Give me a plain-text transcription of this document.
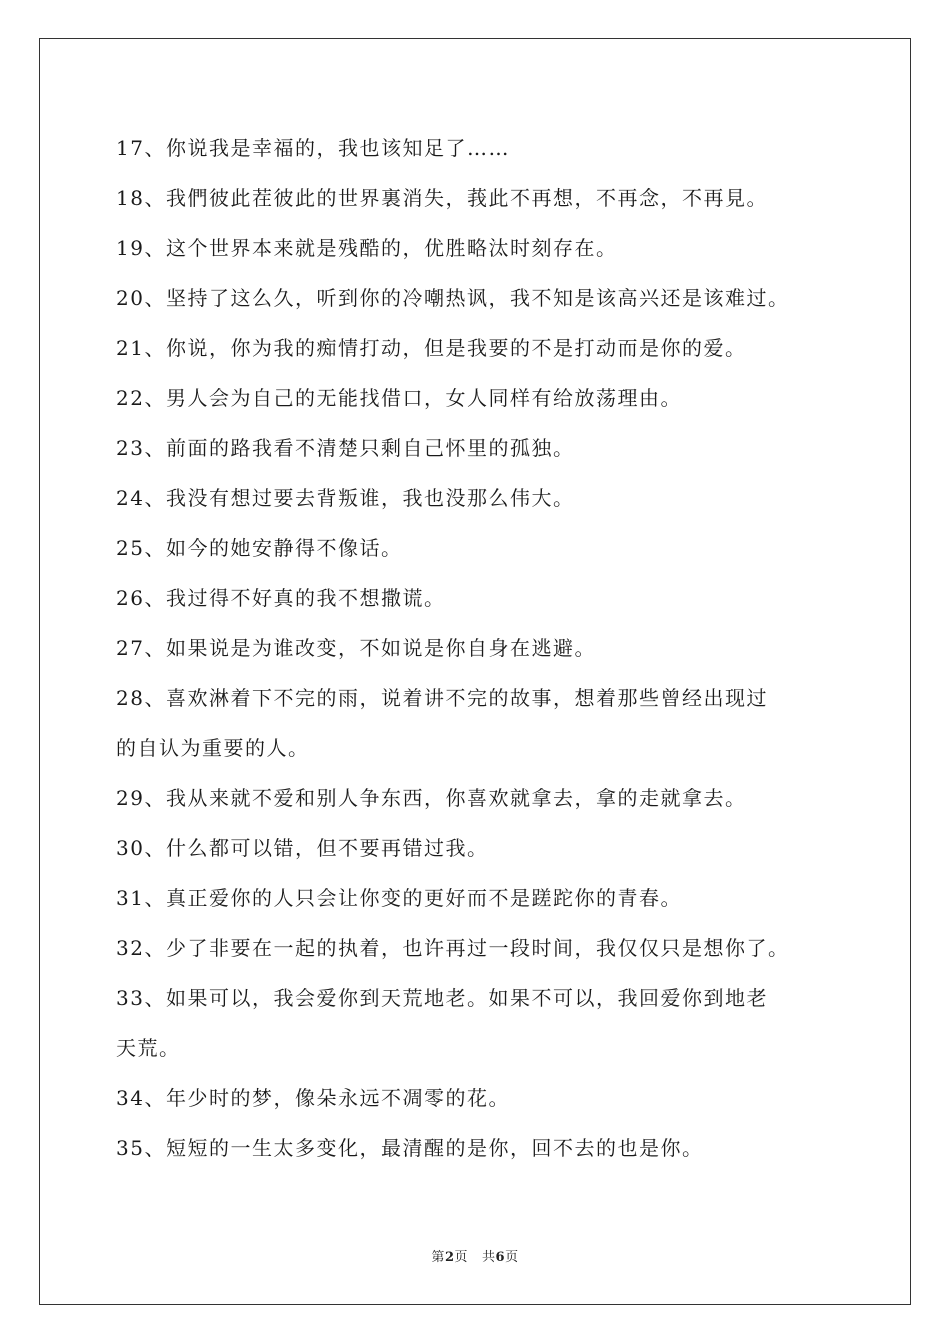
17、你说我是幸福的，我也该知足了……
18、我們彼此茬彼此的世界裏消失，莪此不再想，不再念，不再見。
19、这个世界本来就是残酷的，优胜略汰时刻存在。
20、坚持了这么久，听到你的冷嘲热讽，我不知是该高兴还是该难过。
21、你说，你为我的痴情打动，但是我要的不是打动而是你的爱。
22、男人会为自己的无能找借口，女人同样有给放荡理由。
23、前面的路我看不清楚只剩自己怀里的孤独。
24、我没有想过要去背叛谁，我也没那么伟大。
25、如今的她安静得不像话。
26、我过得不好真的我不想撒谎。
27、如果说是为谁改变，不如说是你自身在逃避。
28、喜欢淋着下不完的雨，说着讲不完的故事，想着那些曾经出现过
的自认为重要的人。
29、我从来就不爱和别人争东西，你喜欢就拿去，拿的走就拿去。
30、什么都可以错，但不要再错过我。
31、真正爱你的人只会让你变的更好而不是蹉跎你的青春。
32、少了非要在一起的执着，也许再过一段时间，我仅仅只是想你了。
33、如果可以，我会爱你到天荒地老。如果不可以，我回爱你到地老
天荒。
34、年少时的梦，像朵永远不凋零的花。
35、短短的一生太多变化，最清醒的是你，回不去的也是你。
第2页 共6页
